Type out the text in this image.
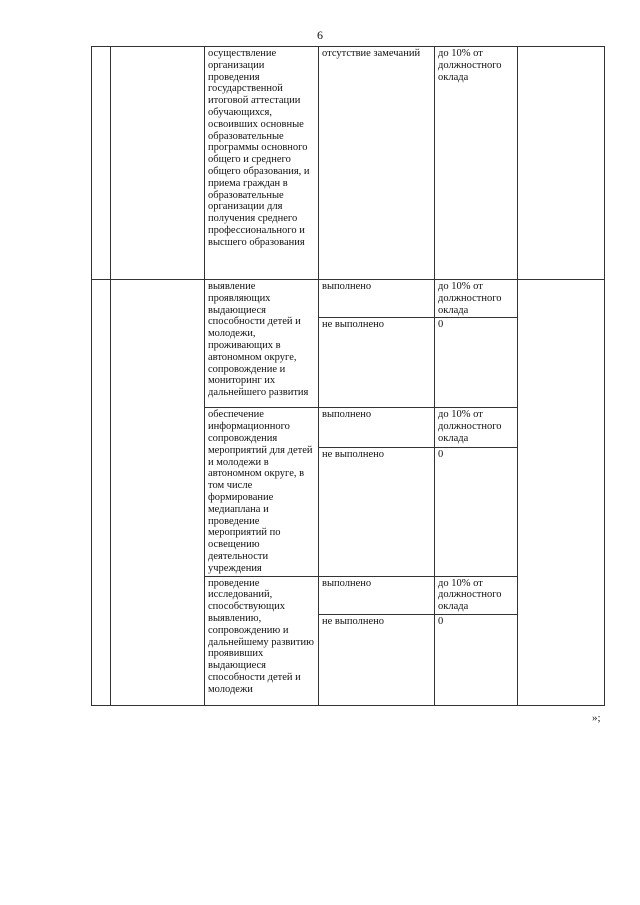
6
		осуществление организации проведения государственной итоговой аттестации обучающихся, освоивших основные образовательные программы основного общего и среднего общего образования, и приема граждан в образовательные организации для получения среднего профессионального и высшего образования	отсутствие замечаний	до 10% от должностного оклада	
		выявление проявляющих выдающиеся способности детей и молодежи, проживающих в автономном округе, сопровождение и мониторинг их дальнейшего развития	выполнено	до 10% от должностного оклада	
			не выполнено	0	
		обеспечение информационного сопровождения мероприятий для детей и молодежи в автономном округе, в том числе формирование медиаплана и проведение мероприятий по освещению деятельности учреждения	выполнено	до 10% от должностного оклада	
			не выполнено	0	
		проведение исследований, способствующих выявлению, сопровождению и дальнейшему развитию проявивших выдающиеся способности детей и молодежи	выполнено	до 10% от должностного оклада	
			не выполнено	0	
»;
